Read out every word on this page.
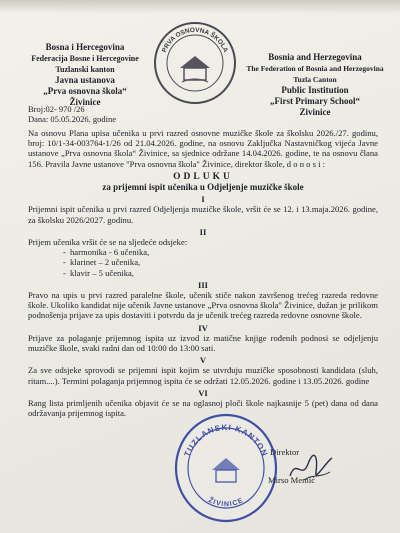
Bosna i Hercegovina
Federacija Bosne i Hercegovine
Tuzlanski kanton
Javna ustanova
„Prva osnovna škola“
Živinice
PRVA OSNOVNA ŠKOLA
Bosnia and Herzegovina
The Federation of Bosnia and Herzegovina
Tuzla Canton
Public Institution
„First Primary School“
Zivinice
Broj:02- 970 /26
Dana: 05.05.2026. godine

Na osnovu Plana upisa učenika u prvi razred osnovne muzičke škole za školsku 2026./27. godinu, broj: 10/1-34-003764-1/26 od 21.04.2026. godine, na osnovu Zaključka Nastavničkog vijeća Javne ustanove „Prva osnovna škola“ Živinice, sa sjednice održane 14.04.2026. godine, te na osnovu člana 156. Pravila Javne ustanove "Prva osnovna škola" Živinice, direktor škole, d o n o s i :

ODLUKU
za prijemni ispit učenika u Odjeljenje muzičke škole
I

Prijemni ispit učenika u prvi razred Odjeljenja muzičke škole, vršit će se 12. i 13.maja.2026. godine, za školsku 2026/2027. godinu.

II

Prijem učenika vršit će se na sljedeće odsjeke:

- harmonika - 6 učenika,
- klarinet – 2 učenika,
- klavir – 5 učenika,
III

Pravo na upis u prvi razred paralelne škole, učenik stiče nakon završenog trećeg razreda redovne škole. Ukoliko kandidat nije učenik Javne ustanove „Prva osnovna škola" Živinice, dužan je prilikom podnošenja prijave za upis dostaviti i potvrdu da je učenik trećeg razreda redovne osnovne škole.

IV

Prijave za polaganje prijemnog ispita uz izvod iz matične knjige rođenih podnosi se odjeljenju muzičke škole, svaki radni dan od 10:00 do 13:00 sati.

V

Za sve odsjeke sprovodi se prijemni ispit kojim se utvrđuju muzičke sposobnosti kandidata (sluh, ritam....). Termini polaganja prijemnog ispita će se održati 12.05.2026. godine i 13.05.2026. godine

VI

Rang lista primljenih učenika objavit će se na oglasnoj ploči škole najkasnije 5 (pet) dana od dana održavanja prijemnog ispita.

TUZLANSKI KANTON
ŽIVINICE
Direktor
Mirso Memić
